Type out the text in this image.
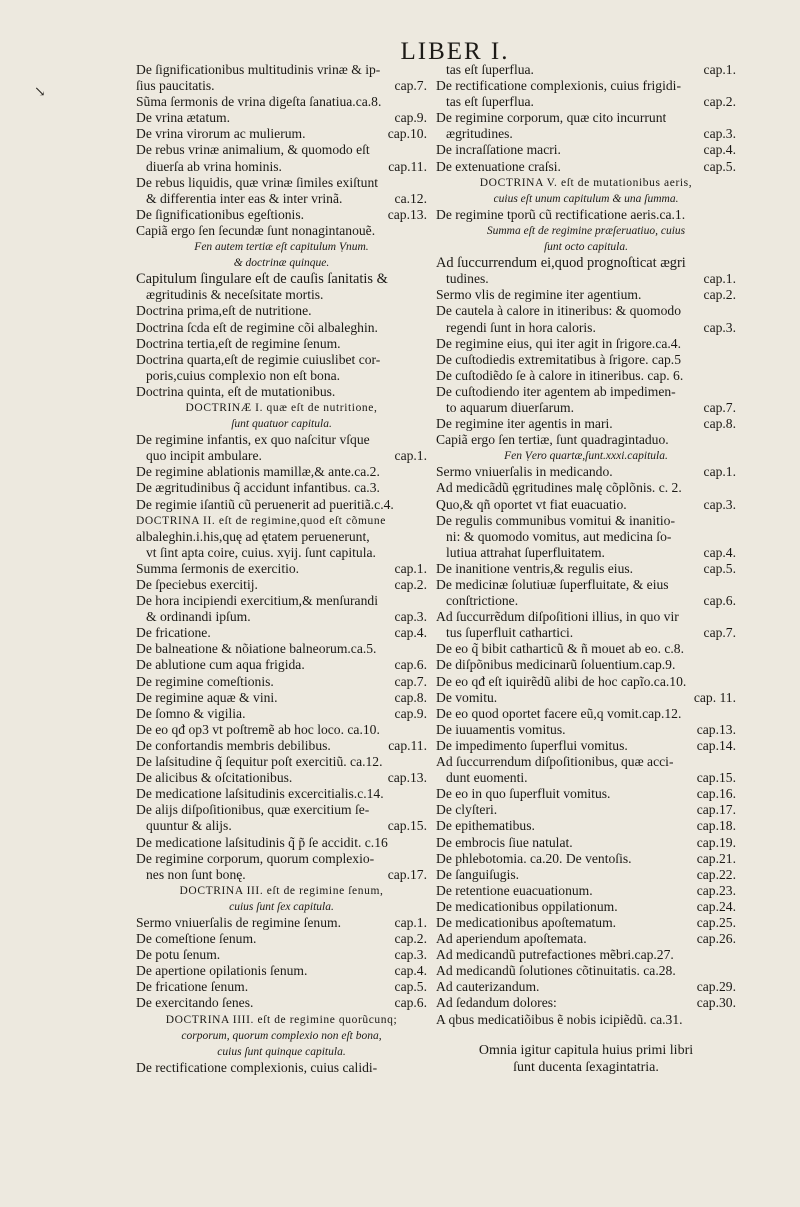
↘
LIBER I.
De ſignificationibus multitudinis vrinæ & ip-
ſius paucitatis.	cap.7.
Sũma ſermonis de vrina digeſta ſanatiua.ca.8.
De vrina ætatum.	cap.9.
De vrina virorum ac mulierum.	cap.10.
De rebus vrinæ animalium, & quomodo eſt
diuerſa ab vrina hominis.	cap.11.
De rebus liquidis, quæ vrinæ ſimiles exiſtunt
& differentia inter eas & inter vrinã.	ca.12.
De ſignificationibus egeſtionis.	cap.13.
Capiã ergo ſen ſecundæ ſunt nonagintanouẽ.
Fen autem tertiæ eſt capitulum Ṿnum.
& doctrinæ quinque.
Capitulum ſingulare eſt de cauſis ſanitatis &
ægritudinis & neceſsitate mortis.
Doctrina prima,eſt de nutritione.
Doctrina ſcda eſt de regimine cõi albaleghin.
Doctrina tertia,eſt de regimine ſenum.
Doctrina quarta,eſt de regimie cuiuslibet cor-
poris,cuius complexio non eſt bona.
Doctrina quinta, eſt de mutationibus.
DOCTRINÆ I. quæ eſt de nutritione,
ſunt quatuor capitula.
De regimine infantis, ex quo naſcitur vſque
quo incipit ambulare.	cap.1.
De regimine ablationis mamillæ,& ante.ca.2.
De ægritudinibus q̃ accidunt infantibus. ca.3.
De regimie iſantiũ cũ peruenerit ad pueritiã.c.4.
DOCTRINA II. eſt de regimine,quod eſt cõmune
albaleghin.i.his,quę ad ętatem peruenerunt,
vt ſint apta coire, cuius. xṿij. ſunt capitula.
Summa ſermonis de exercitio.	cap.1.
De ſpeciebus exercitij.	cap.2.
De hora incipiendi exercitium,& menſurandi
& ordinandi ipſum.	cap.3.
De fricatione.	cap.4.
De balneatione & nõiatione balneorum.ca.5.
De ablutione cum aqua frigida.	cap.6.
De regimine comeſtionis.	cap.7.
De regimine aquæ & vini.	cap.8.
De ſomno & vigilia.	cap.9.
De eo qđ op3 vt poſtremẽ ab hoc loco. ca.10.
De confortandis membris debilibus.	cap.11.
De laſsitudine q̃ ſequitur poſt exercitiũ. ca.12.
De alicibus & oſcitationibus.	cap.13.
De medicatione laſsitudinis excercitialis.c.14.
De alijs diſpoſitionibus, quæ exercitium ſe-
quuntur & alijs.	cap.15.
De medicatione laſsitudinis q̃ p̃ ſe accidit. c.16
De regimine corporum, quorum complexio-
nes non ſunt bonę.	cap.17.
DOCTRINA III. eſt de regimine ſenum,
cuius ſunt ſex capitula.
Sermo vniuerſalis de regimine ſenum.	cap.1.
De comeſtione ſenum.	cap.2.
De potu ſenum.	cap.3.
De apertione opilationis ſenum.	cap.4.
De fricatione ſenum.	cap.5.
De exercitando ſenes.	cap.6.
DOCTRINA IIII. eſt de regimine quorũcunq;
corporum, quorum complexio non eſt bona,
cuius ſunt quinque capitula.
De rectificatione complexionis, cuius calidi-
tas eſt ſuperflua.	cap.1.
De rectificatione complexionis, cuius frigidi-
tas eſt ſuperflua.	cap.2.
De regimine corporum, quæ cito incurrunt
ægritudines.	cap.3.
De incraſſatione macri.	cap.4.
De extenuatione craſsi.	cap.5.
DOCTRINA V. eſt de mutationibus aeris,
cuius eſt unum capitulum & una ſumma.
De regimine tporũ cũ rectificatione aeris.ca.1.
Summa eſt de regimine præſeruatiuo, cuius
ſunt octo capitula.
Ad ſuccurrendum ei,quod prognoſticat ægri
tudines.	cap.1.
Sermo vlis de regimine iter agentium.	cap.2.
De cautela à calore in itineribus: & quomodo
regendi ſunt in hora caloris.	cap.3.
De regimine eius, qui iter agit in ſrigore.ca.4.
De cuſtodiedis extremitatibus à ſrigore. cap.5
De cuſtodiẽdo ſe à calore in itineribus. cap. 6.
De cuſtodiendo iter agentem ab impedimen-
to aquarum diuerſarum.	cap.7.
De regimine iter agentis in mari.	cap.8.
Capiã ergo ſen tertiæ, ſunt quadragintaduo.
Fen Ṿero quartæ,ſunt.xxxi.capitula.
Sermo vniuerſalis in medicando.	cap.1.
Ad medicãdũ ęgritudines malę cõplõnis. c. 2.
Quo,& qñ oportet vt fiat euacuatio.	cap.3.
De regulis communibus vomitui & inanitio-
ni: & quomodo vomitus, aut medicina ſo-
lutiua attrahat ſuperfluitatem.	cap.4.
De inanitione ventris,& regulis eius.	cap.5.
De medicinæ ſolutiuæ ſuperfluitate, & eius
conſtrictione.	cap.6.
Ad ſuccurrẽdum diſpoſitioni illius, in quo vir
tus ſuperfluit cathartici.	cap.7.
De eo q̃ bibit catharticũ & ñ mouet ab eo. c.8.
De diſpõnibus medicinarũ ſoluentium.cap.9.
De eo qđ eſt iquirẽdũ alibi de hoc capĩo.ca.10.
De vomitu.	cap. 11.
De eo quod oportet facere eũ,q vomit.cap.12.
De iuuamentis vomitus.	cap.13.
De impedimento ſuperflui vomitus.	cap.14.
Ad ſuccurrendum diſpoſitionibus, quæ acci-
dunt euomenti.	cap.15.
De eo in quo ſuperfluit vomitus.	cap.16.
De clyſteri.	cap.17.
De epithematibus.	cap.18.
De embrocis ſiue natulat.	cap.19.
De phlebotomia. ca.20. De ventoſis.	cap.21.
De ſanguiſugis.	cap.22.
De retentione euacuationum.	cap.23.
De medicationibus oppilationum.	cap.24.
De medicationibus apoſtematum.	cap.25.
Ad aperiendum apoſtemata.	cap.26.
Ad medicandũ putrefactiones mẽbri.cap.27.
Ad medicandũ ſolutiones cõtinuitatis. ca.28.
Ad cauterizandum.	cap.29.
Ad ſedandum dolores:	cap.30.
A qbus medicatiõibus ẽ nobis icipiẽdũ. ca.31.
Omnia igitur capitula huius primi libri
ſunt ducenta ſexagintatria.
